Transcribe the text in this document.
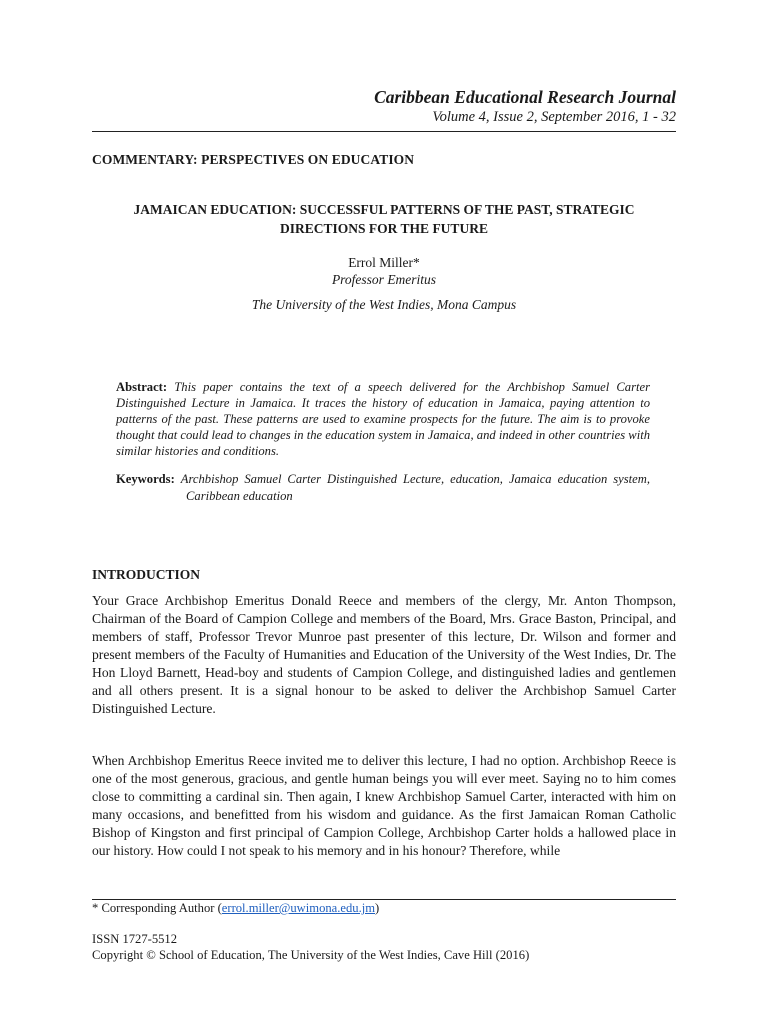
Caribbean Educational Research Journal
Volume 4, Issue 2, September 2016, 1 - 32
COMMENTARY: PERSPECTIVES ON EDUCATION
JAMAICAN EDUCATION: SUCCESSFUL PATTERNS OF THE PAST, STRATEGIC
DIRECTIONS FOR THE FUTURE
Errol Miller*
Professor Emeritus
The University of the West Indies, Mona Campus
Abstract: This paper contains the text of a speech delivered for the Archbishop Samuel Carter Distinguished Lecture in Jamaica. It traces the history of education in Jamaica, paying attention to patterns of the past. These patterns are used to examine prospects for the future. The aim is to provoke thought that could lead to changes in the education system in Jamaica, and indeed in other countries with similar histories and conditions.
Keywords: Archbishop Samuel Carter Distinguished Lecture, education, Jamaica education system, Caribbean education
INTRODUCTION

Your Grace Archbishop Emeritus Donald Reece and members of the clergy, Mr. Anton Thompson, Chairman of the Board of Campion College and members of the Board, Mrs. Grace Baston, Principal, and members of staff, Professor Trevor Munroe past presenter of this lecture, Dr. Wilson and former and present members of the Faculty of Humanities and Education of the University of the West Indies, Dr. The Hon Lloyd Barnett, Head-boy and students of Campion College, and distinguished ladies and gentlemen and all others present. It is a signal honour to be asked to deliver the Archbishop Samuel Carter Distinguished Lecture.

When Archbishop Emeritus Reece invited me to deliver this lecture, I had no option. Archbishop Reece is one of the most generous, gracious, and gentle human beings you will ever meet. Saying no to him comes close to committing a cardinal sin. Then again, I knew Archbishop Samuel Carter, interacted with him on many occasions, and benefitted from his wisdom and guidance. As the first Jamaican Roman Catholic Bishop of Kingston and first principal of Campion College, Archbishop Carter holds a hallowed place in our history. How could I not speak to his memory and in his honour? Therefore, while

* Corresponding Author (errol.miller@uwimona.edu.jm)
ISSN 1727-5512
Copyright © School of Education, The University of the West Indies, Cave Hill (2016)
